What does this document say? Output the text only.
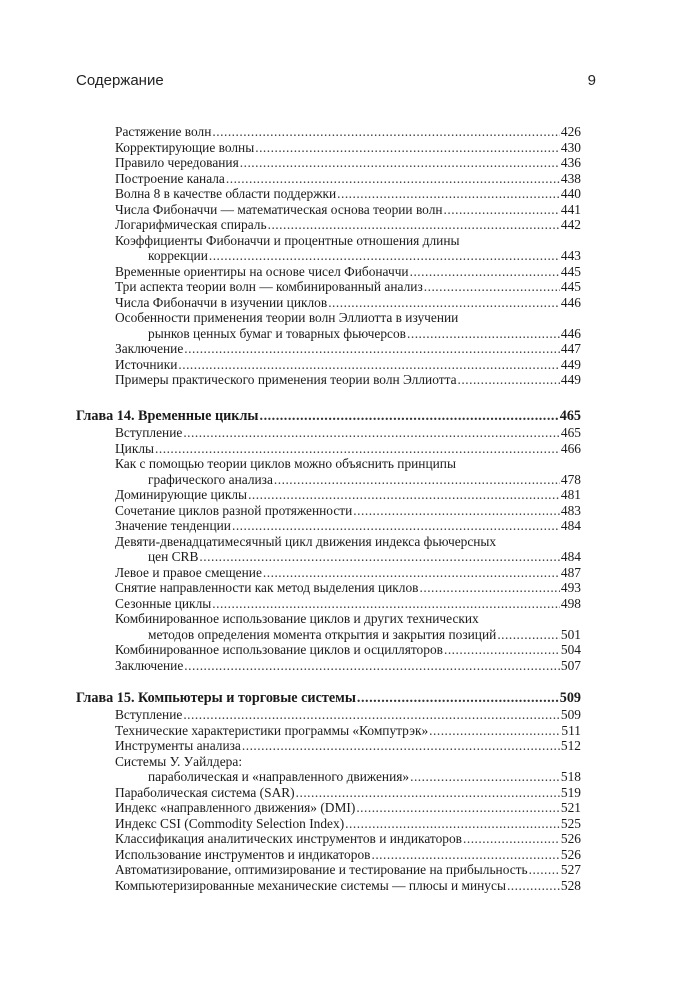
Содержание	9
Растяжение волн .....	426
Корректирующие волны .....	430
Правило чередования .....	436
Построение канала .....	438
Волна 8 в качестве области поддержки .....	440
Числа Фибоначчи — математическая основа теории волн .....	441
Логарифмическая спираль .....	442
Коэффициенты Фибоначчи и процентные отношения длины
коррекции .....	443
Временные ориентиры на основе чисел Фибоначчи .....	445
Три аспекта теории волн — комбинированный анализ .....	445
Числа Фибоначчи в изучении циклов .....	446
Особенности применения теории волн Эллиотта в изучении
рынков ценных бумаг и товарных фьючерсов .....	446
Заключение .....	447
Источники .....	449
Примеры практического применения теории волн Эллиотта .....	449
Глава 14. Временные циклы .....	465
Вступление .....	465
Циклы .....	466
Как с помощью теории циклов можно объяснить принципы
графического анализа .....	478
Доминирующие циклы .....	481
Сочетание циклов разной протяженности .....	483
Значение тенденции .....	484
Девяти-двенадцатимесячный цикл движения индекса фьючерсных
цен CRB .....	484
Левое и правое смещение .....	487
Снятие направленности как метод выделения циклов .....	493
Сезонные циклы .....	498
Комбинированное использование циклов и других технических
методов определения момента открытия и закрытия позиций .....	501
Комбинированное использование циклов и осцилляторов .....	504
Заключение .....	507
Глава 15. Компьютеры и торговые системы .....	509
Вступление .....	509
Технические характеристики программы «Компутрэк» .....	511
Инструменты анализа .....	512
Системы У. Уайлдера:
параболическая и «направленного движения» .....	518
Параболическая система (SAR) .....	519
Индекс «направленного движения» (DMI) .....	521
Индекс CSI (Commodity Selection Index) .....	525
Классификация аналитических инструментов и индикаторов .....	526
Использование инструментов и индикаторов .....	526
Автоматизирование, оптимизирование и тестирование на прибыльность ..... 527
Компьютеризированные механические системы — плюсы и минусы .....	528
